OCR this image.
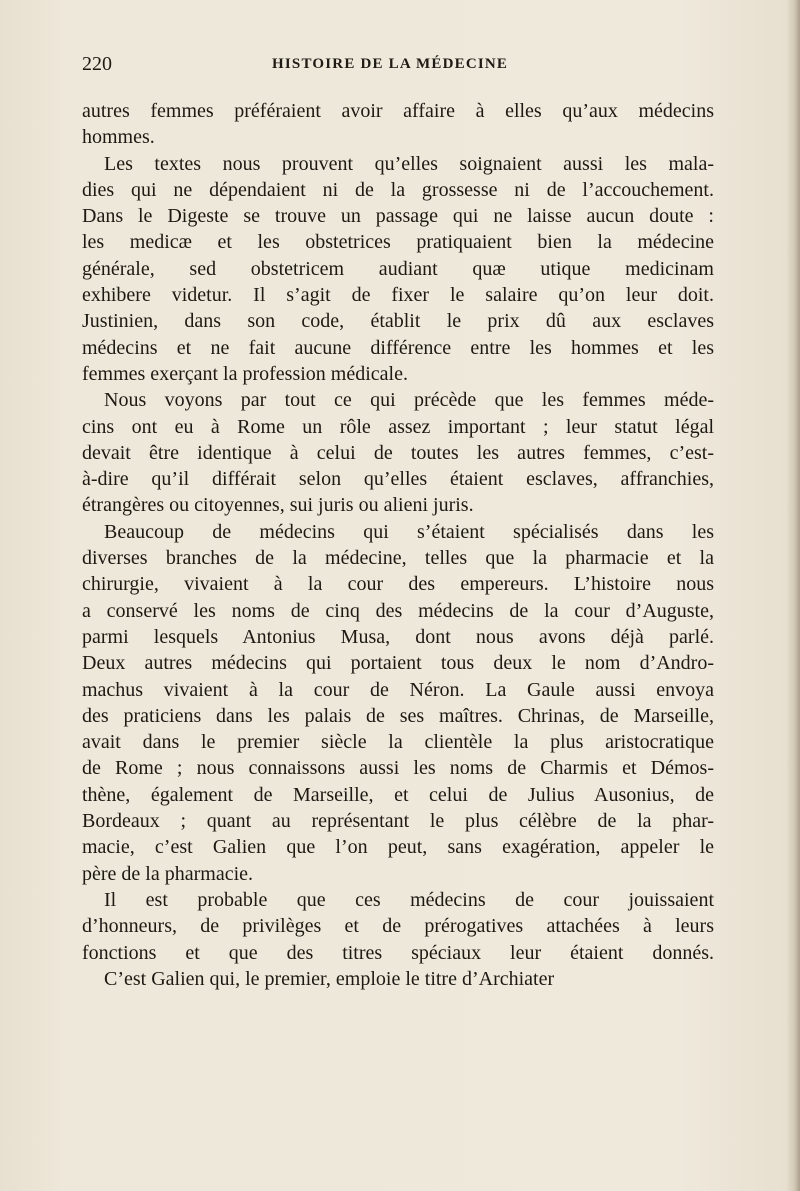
220	HISTOIRE DE LA MÉDECINE
autres femmes préféraient avoir affaire à elles qu’aux médecins
hommes.
Les textes nous prouvent qu’elles soignaient aussi les mala-
dies qui ne dépendaient ni de la grossesse ni de l’accouchement.
Dans le Digeste se trouve un passage qui ne laisse aucun doute :
les medicæ et les obstetrices pratiquaient bien la médecine
générale, sed obstetricem audiant quæ utique medicinam
exhibere videtur. Il s’agit de fixer le salaire qu’on leur doit.
Justinien, dans son code, établit le prix dû aux esclaves
médecins et ne fait aucune différence entre les hommes et les
femmes exerçant la profession médicale.
Nous voyons par tout ce qui précède que les femmes méde-
cins ont eu à Rome un rôle assez important ; leur statut légal
devait être identique à celui de toutes les autres femmes, c’est-
à-dire qu’il différait selon qu’elles étaient esclaves, affranchies,
étrangères ou citoyennes, sui juris ou alieni juris.
Beaucoup de médecins qui s’étaient spécialisés dans les
diverses branches de la médecine, telles que la pharmacie et la
chirurgie, vivaient à la cour des empereurs. L’histoire nous
a conservé les noms de cinq des médecins de la cour d’Auguste,
parmi lesquels Antonius Musa, dont nous avons déjà parlé.
Deux autres médecins qui portaient tous deux le nom d’Andro-
machus vivaient à la cour de Néron. La Gaule aussi envoya
des praticiens dans les palais de ses maîtres. Chrinas, de Marseille,
avait dans le premier siècle la clientèle la plus aristocratique
de Rome ; nous connaissons aussi les noms de Charmis et Démos-
thène, également de Marseille, et celui de Julius Ausonius, de
Bordeaux ; quant au représentant le plus célèbre de la phar-
macie, c’est Galien que l’on peut, sans exagération, appeler le
père de la pharmacie.
Il est probable que ces médecins de cour jouissaient
d’honneurs, de privilèges et de prérogatives attachées à leurs
fonctions et que des titres spéciaux leur étaient donnés.
C’est Galien qui, le premier, emploie le titre d’Archiater
